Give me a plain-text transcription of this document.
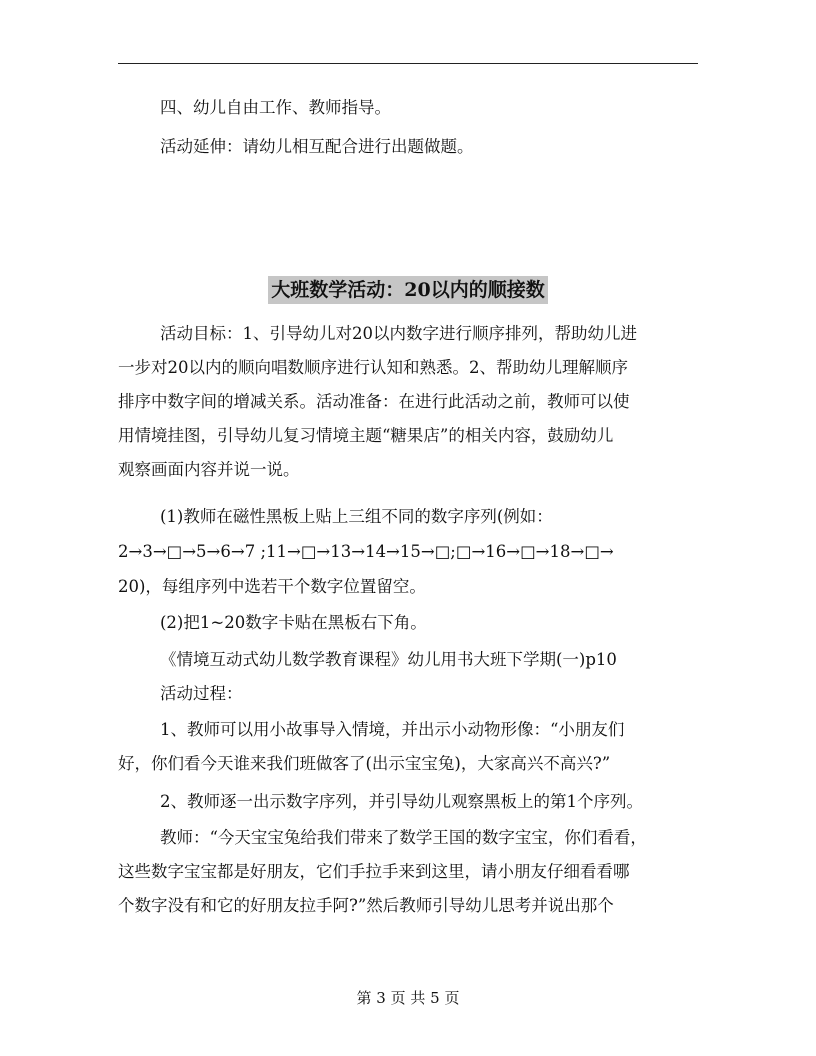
四、幼儿自由工作、教师指导。

活动延伸：请幼儿相互配合进行出题做题。

大班数学活动：20以内的顺接数

活动目标：1、引导幼儿对20以内数字进行顺序排列，帮助幼儿进

一步对20以内的顺向唱数顺序进行认知和熟悉。2、帮助幼儿理解顺序

排序中数字间的增减关系。活动准备：在进行此活动之前，教师可以使

用情境挂图，引导幼儿复习情境主题“糖果店”的相关内容，鼓励幼儿

观察画面内容并说一说。

(1)教师在磁性黑板上贴上三组不同的数字序列(例如：

2→3→□→5→6→7 ;11→□→13→14→15→□;□→16→□→18→□→

20)，每组序列中选若干个数字位置留空。

(2)把1~20数字卡贴在黑板右下角。

《情境互动式幼儿数学教育课程》幼儿用书大班下学期(一)p10

活动过程：

1、教师可以用小故事导入情境，并出示小动物形像：“小朋友们

好，你们看今天谁来我们班做客了(出示宝宝兔)，大家高兴不高兴?”

2、教师逐一出示数字序列，并引导幼儿观察黑板上的第1个序列。

教师：“今天宝宝兔给我们带来了数学王国的数字宝宝，你们看看，

这些数字宝宝都是好朋友，它们手拉手来到这里，请小朋友仔细看看哪

个数字没有和它的好朋友拉手阿?”然后教师引导幼儿思考并说出那个

第 3 页 共 5 页
